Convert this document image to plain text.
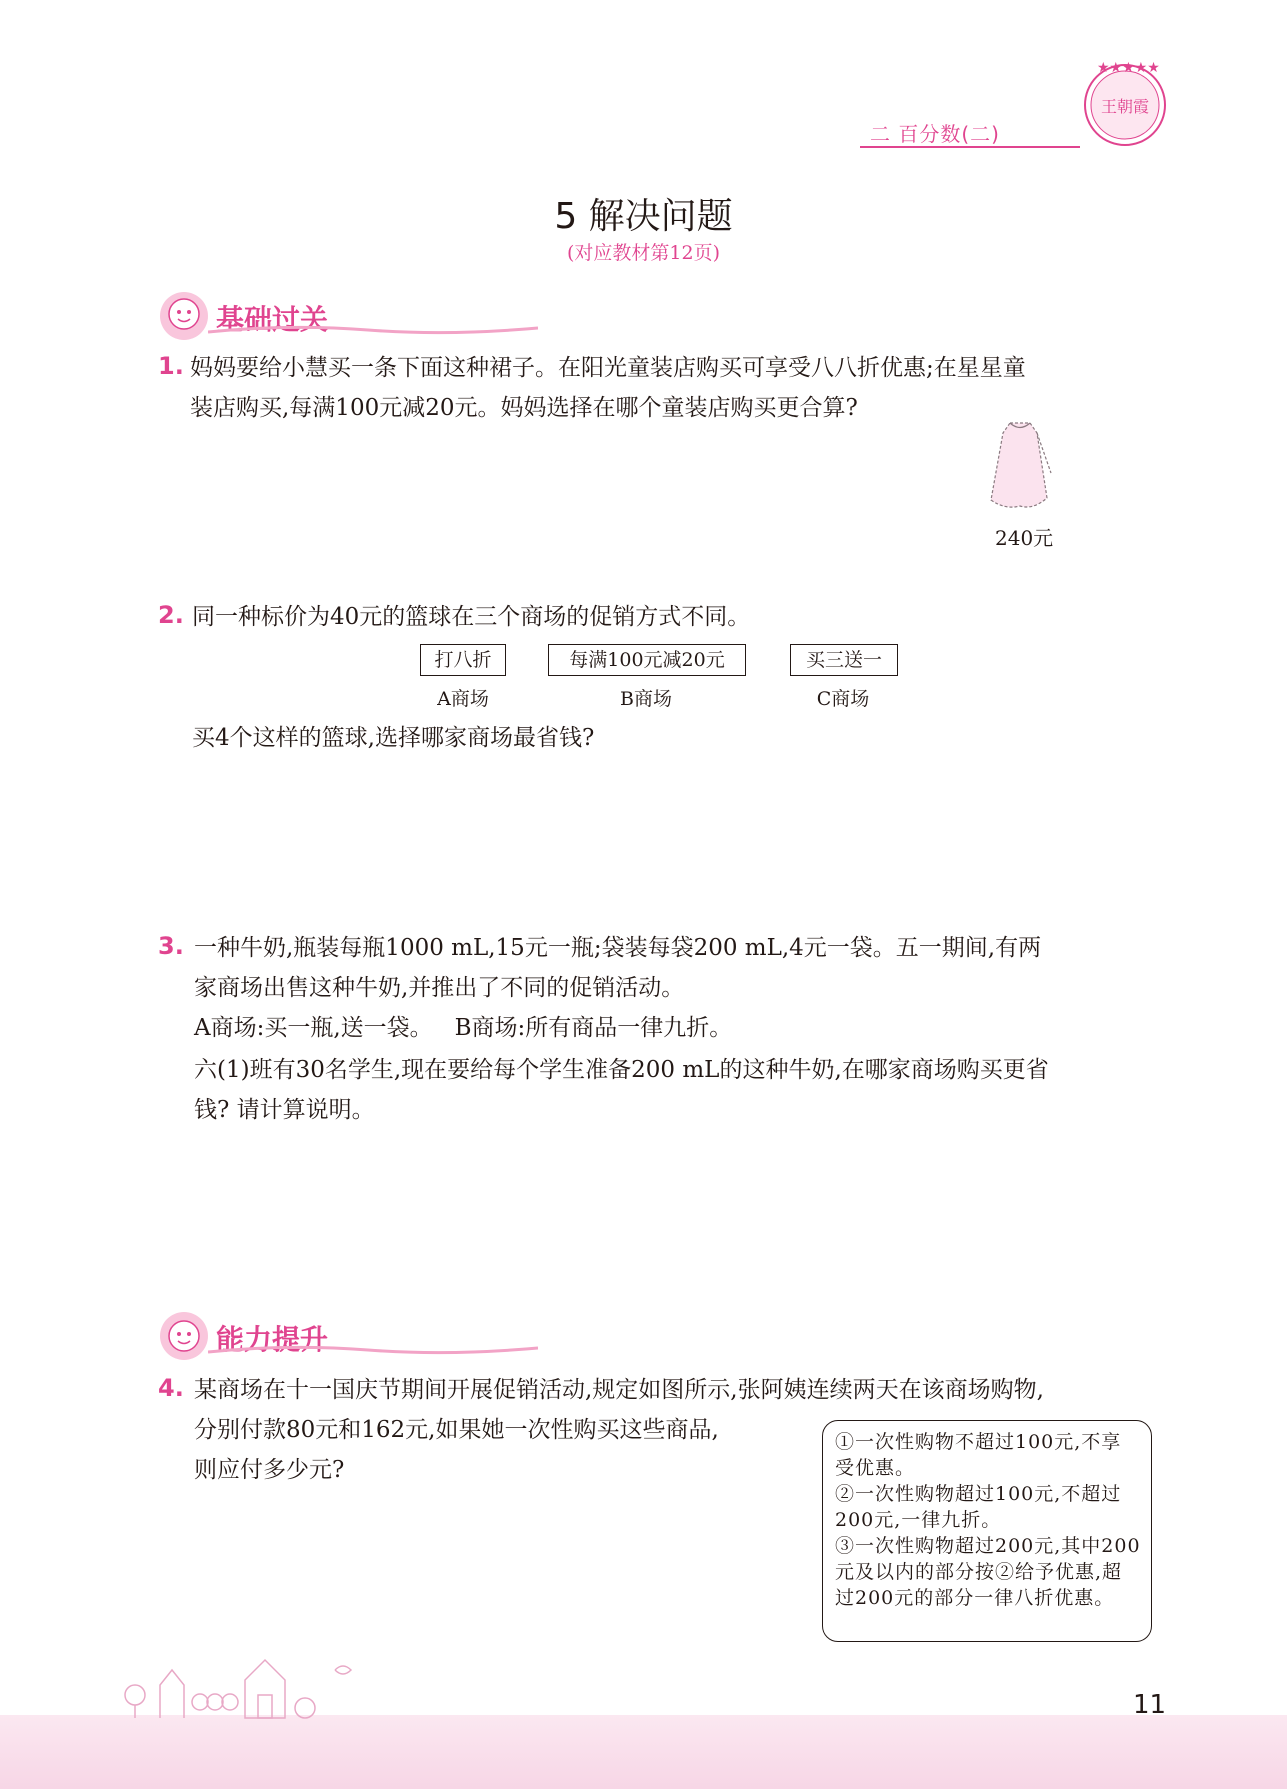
二 百分数(二)
★★★★★
王朝霞
5 解决问题
(对应教材第12页)
基础过关
1. 妈妈要给小慧买一条下面这种裙子。在阳光童装店购买可享受八八折优惠;在星星童
装店购买,每满100元减20元。妈妈选择在哪个童装店购买更合算?
240元
2. 同一种标价为40元的篮球在三个商场的促销方式不同。
打八折	每满100元减20元	买三送一
A商场	B商场	C商场
买4个这样的篮球,选择哪家商场最省钱?
3. 一种牛奶,瓶装每瓶1000 mL,15元一瓶;袋装每袋200 mL,4元一袋。五一期间,有两
家商场出售这种牛奶,并推出了不同的促销活动。
A商场:买一瓶,送一袋。   B商场:所有商品一律九折。
六(1)班有30名学生,现在要给每个学生准备200 mL的这种牛奶,在哪家商场购买更省
钱? 请计算说明。
能力提升
4. 某商场在十一国庆节期间开展促销活动,规定如图所示,张阿姨连续两天在该商场购物,
分别付款80元和162元,如果她一次性购买这些商品,
则应付多少元?

①一次性购物不超过100元,不享受优惠。

②一次性购物超过100元,不超过200元,一律九折。

③一次性购物超过200元,其中200元及以内的部分按②给予优惠,超过200元的部分一律八折优惠。

11
